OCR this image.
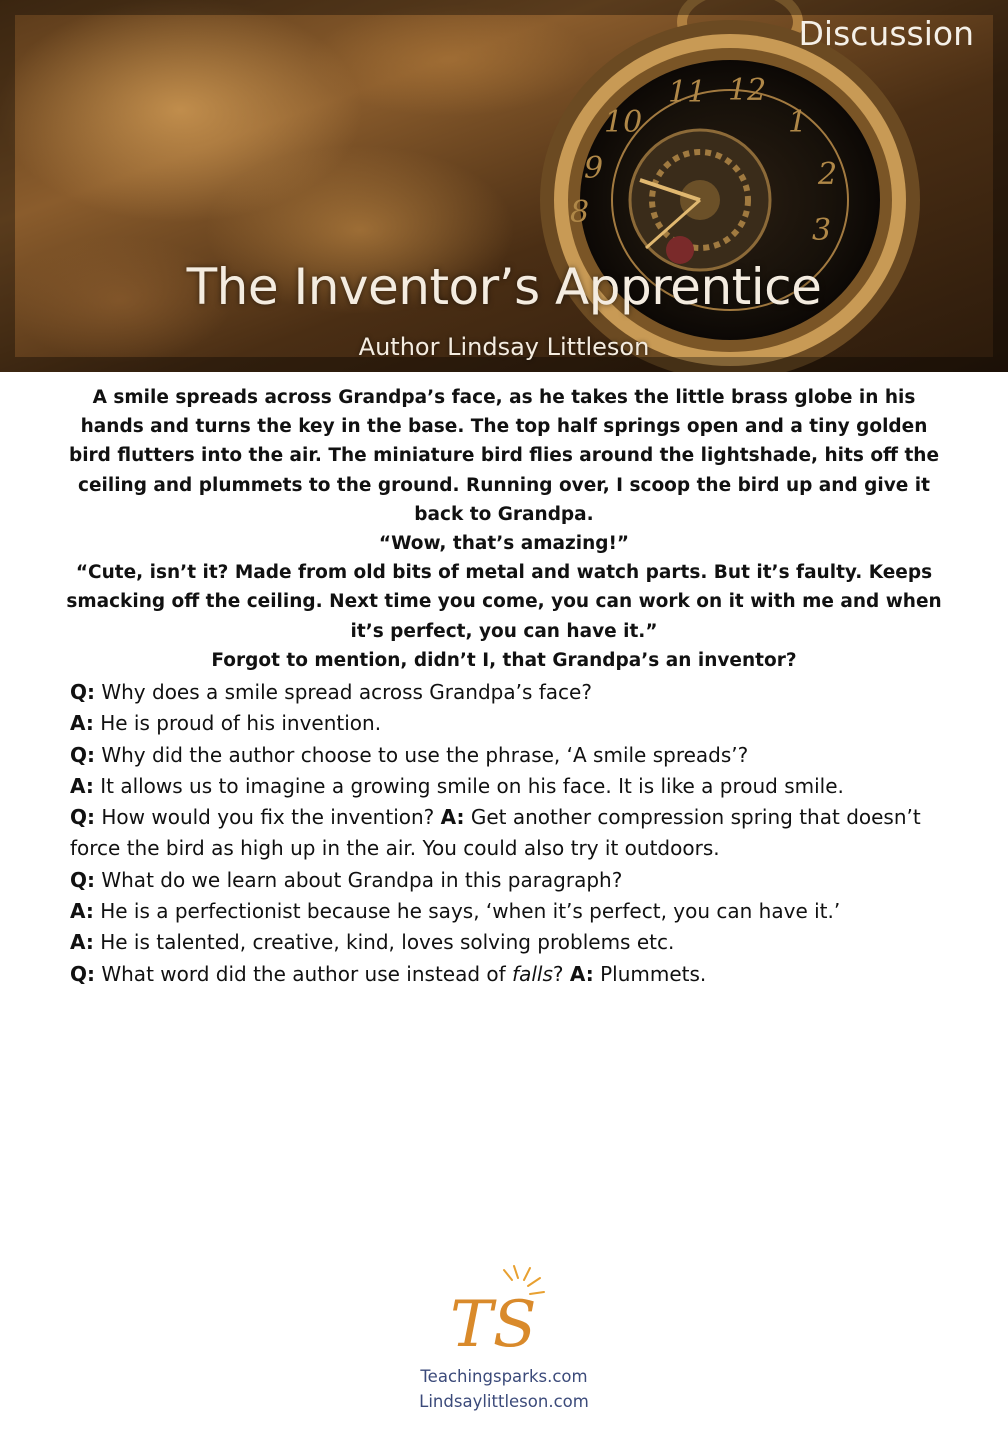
11 12
1
2
3
10
8
9
Discussion
The Inventor’s Apprentice
Author Lindsay Littleson

A smile spreads across Grandpa’s face, as he takes the little brass globe in his hands and turns the key in the base. The top half springs open and a tiny golden bird flutters into the air. The miniature bird flies around the lightshade, hits off the ceiling and plummets to the ground. Running over, I scoop the bird up and give it back to Grandpa.

“Wow, that’s amazing!”

“Cute, isn’t it? Made from old bits of metal and watch parts. But it’s faulty. Keeps smacking off the ceiling. Next time you come, you can work on it with me and when it’s perfect, you can have it.”

Forgot to mention, didn’t I, that Grandpa’s an inventor?

Q: Why does a smile spread across Grandpa’s face?

A: He is proud of his invention.

Q: Why did the author choose to use the phrase, ‘A smile spreads’?

A: It allows us to imagine a growing smile on his face. It is like a proud smile.

Q: How would you fix the invention? A: Get another compression spring that doesn’t force the bird as high up in the air. You could also try it outdoors.

Q: What do we learn about Grandpa in this paragraph?

A: He is a perfectionist because he says, ‘when it’s perfect, you can have it.’

A: He is talented, creative, kind, loves solving problems etc.

Q: What word did the author use instead of falls? A: Plummets.

TS
Teachingsparks.com
Lindsaylittleson.com
